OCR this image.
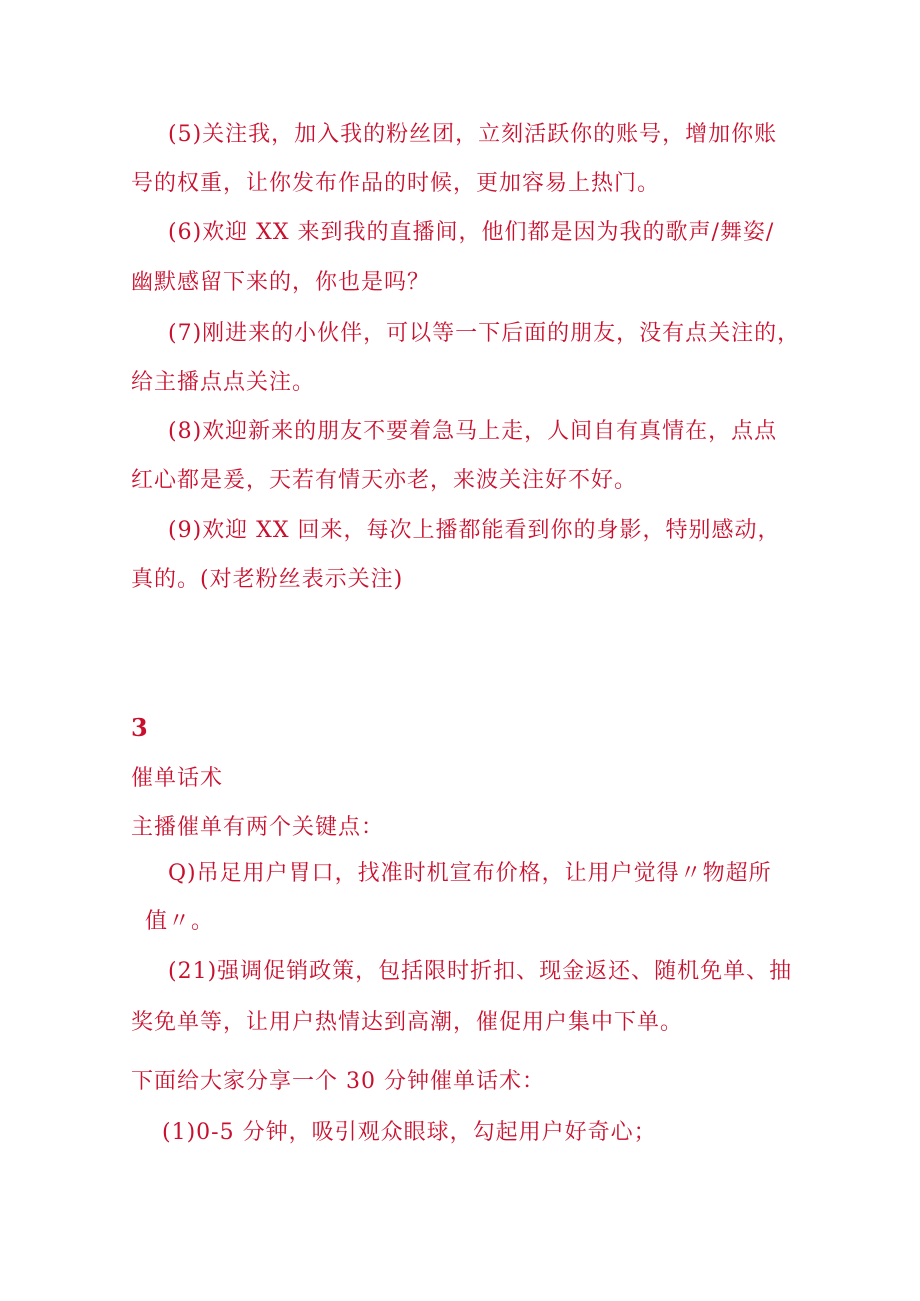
(5)关注我，加入我的粉丝团，立刻活跃你的账号，增加你账
号的权重，让你发布作品的时候，更加容易上热门。
(6)欢迎 XX 来到我的直播间，他们都是因为我的歌声/舞姿/
幽默感留下来的，你也是吗？
(7)刚进来的小伙伴，可以等一下后面的朋友，没有点关注的，
给主播点点关注。
(8)欢迎新来的朋友不要着急马上走，人间自有真情在，点点
红心都是爰，天若有情天亦老，来波关注好不好。
(9)欢迎 XX 回来，每次上播都能看到你的身影，特别感动，
真的。(对老粉丝表示关注)
3
催单话术
主播催单有两个关键点：
Q)吊足用户胃口，找准时机宣布价格，让用户觉得〃物超所
值〃。
(21)强调促销政策，包括限时折扣、现金返还、随机免单、抽
奖免单等，让用户热情达到高潮，催促用户集中下单。
下面给大家分享一个 30 分钟催单话术：
(1)0-5 分钟，吸引观众眼球，勾起用户好奇心；
